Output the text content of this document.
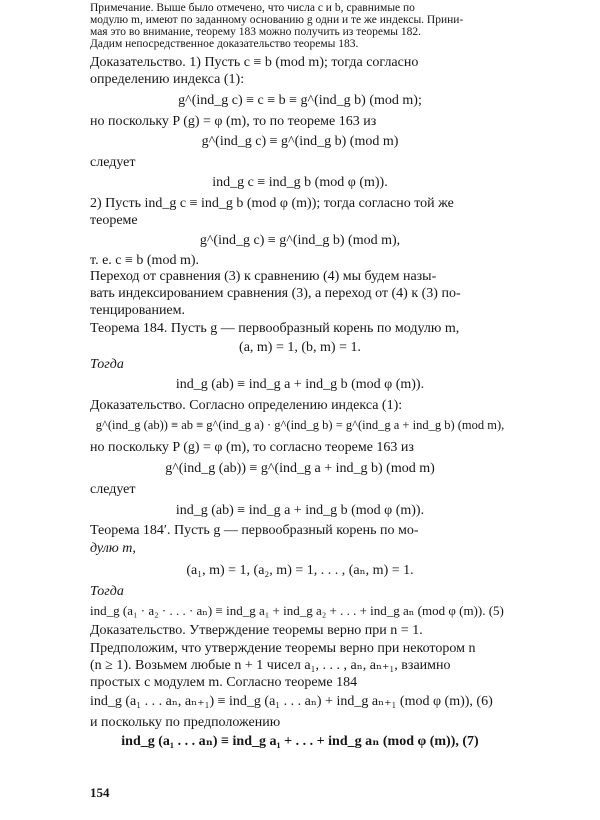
Примечание. Выше было отмечено, что числа c и b, сравнимые по
модулю m, имеют по заданному основанию g одни и те же индексы. Прини-
мая это во внимание, теорему 183 можно получить из теоремы 182.
Дадим непосредственное доказательство теоремы 183.
Доказательство. 1) Пусть c ≡ b (mod m); тогда согласно
определению индекса (1):
g^(ind_g c) ≡ c ≡ b ≡ g^(ind_g b) (mod m);
но поскольку P (g) = φ (m), то по теореме 163 из
g^(ind_g c) ≡ g^(ind_g b) (mod m)
следует
ind_g c ≡ ind_g b (mod φ (m)).
2) Пусть ind_g c ≡ ind_g b (mod φ (m)); тогда согласно той же
теореме
g^(ind_g c) ≡ g^(ind_g b) (mod m),
т. е. c ≡ b (mod m).
Переход от сравнения (3) к сравнению (4) мы будем назы-
вать индексированием сравнения (3), а переход от (4) к (3) по-
тенцированием.
Теорема 184. Пусть g — первообразный корень по модулю m,
(a, m) = 1, (b, m) = 1.
Тогда
ind_g (ab) ≡ ind_g a + ind_g b (mod φ (m)).
Доказательство. Согласно определению индекса (1):
g^(ind_g (ab)) ≡ ab ≡ g^(ind_g a) · g^(ind_g b) = g^(ind_g a + ind_g b) (mod m),
но поскольку P (g) = φ (m), то согласно теореме 163 из
g^(ind_g (ab)) ≡ g^(ind_g a + ind_g b) (mod m)
следует
ind_g (ab) ≡ ind_g a + ind_g b (mod φ (m)).
Теорема 184′. Пусть g — первообразный корень по мо-
дулю m,
(a₁, m) = 1, (a₂, m) = 1, . . . , (aₙ, m) = 1.
Тогда
ind_g (a₁ · a₂ · . . . · aₙ) ≡ ind_g a₁ + ind_g a₂ + . . . + ind_g aₙ (mod φ (m)). (5)
Доказательство. Утверждение теоремы верно при n = 1.
Предположим, что утверждение теоремы верно при некотором n
(n ≥ 1). Возьмем любые n + 1 чисел a₁, . . . , aₙ, aₙ₊₁, взаимно
простых с модулем m. Согласно теореме 184
ind_g (a₁ . . . aₙ, aₙ₊₁) ≡ ind_g (a₁ . . . aₙ) + ind_g aₙ₊₁ (mod φ (m)), (6)
и поскольку по предположению
ind_g (a₁ . . . aₙ) ≡ ind_g a₁ + . . . + ind_g aₙ (mod φ (m)), (7)
154
